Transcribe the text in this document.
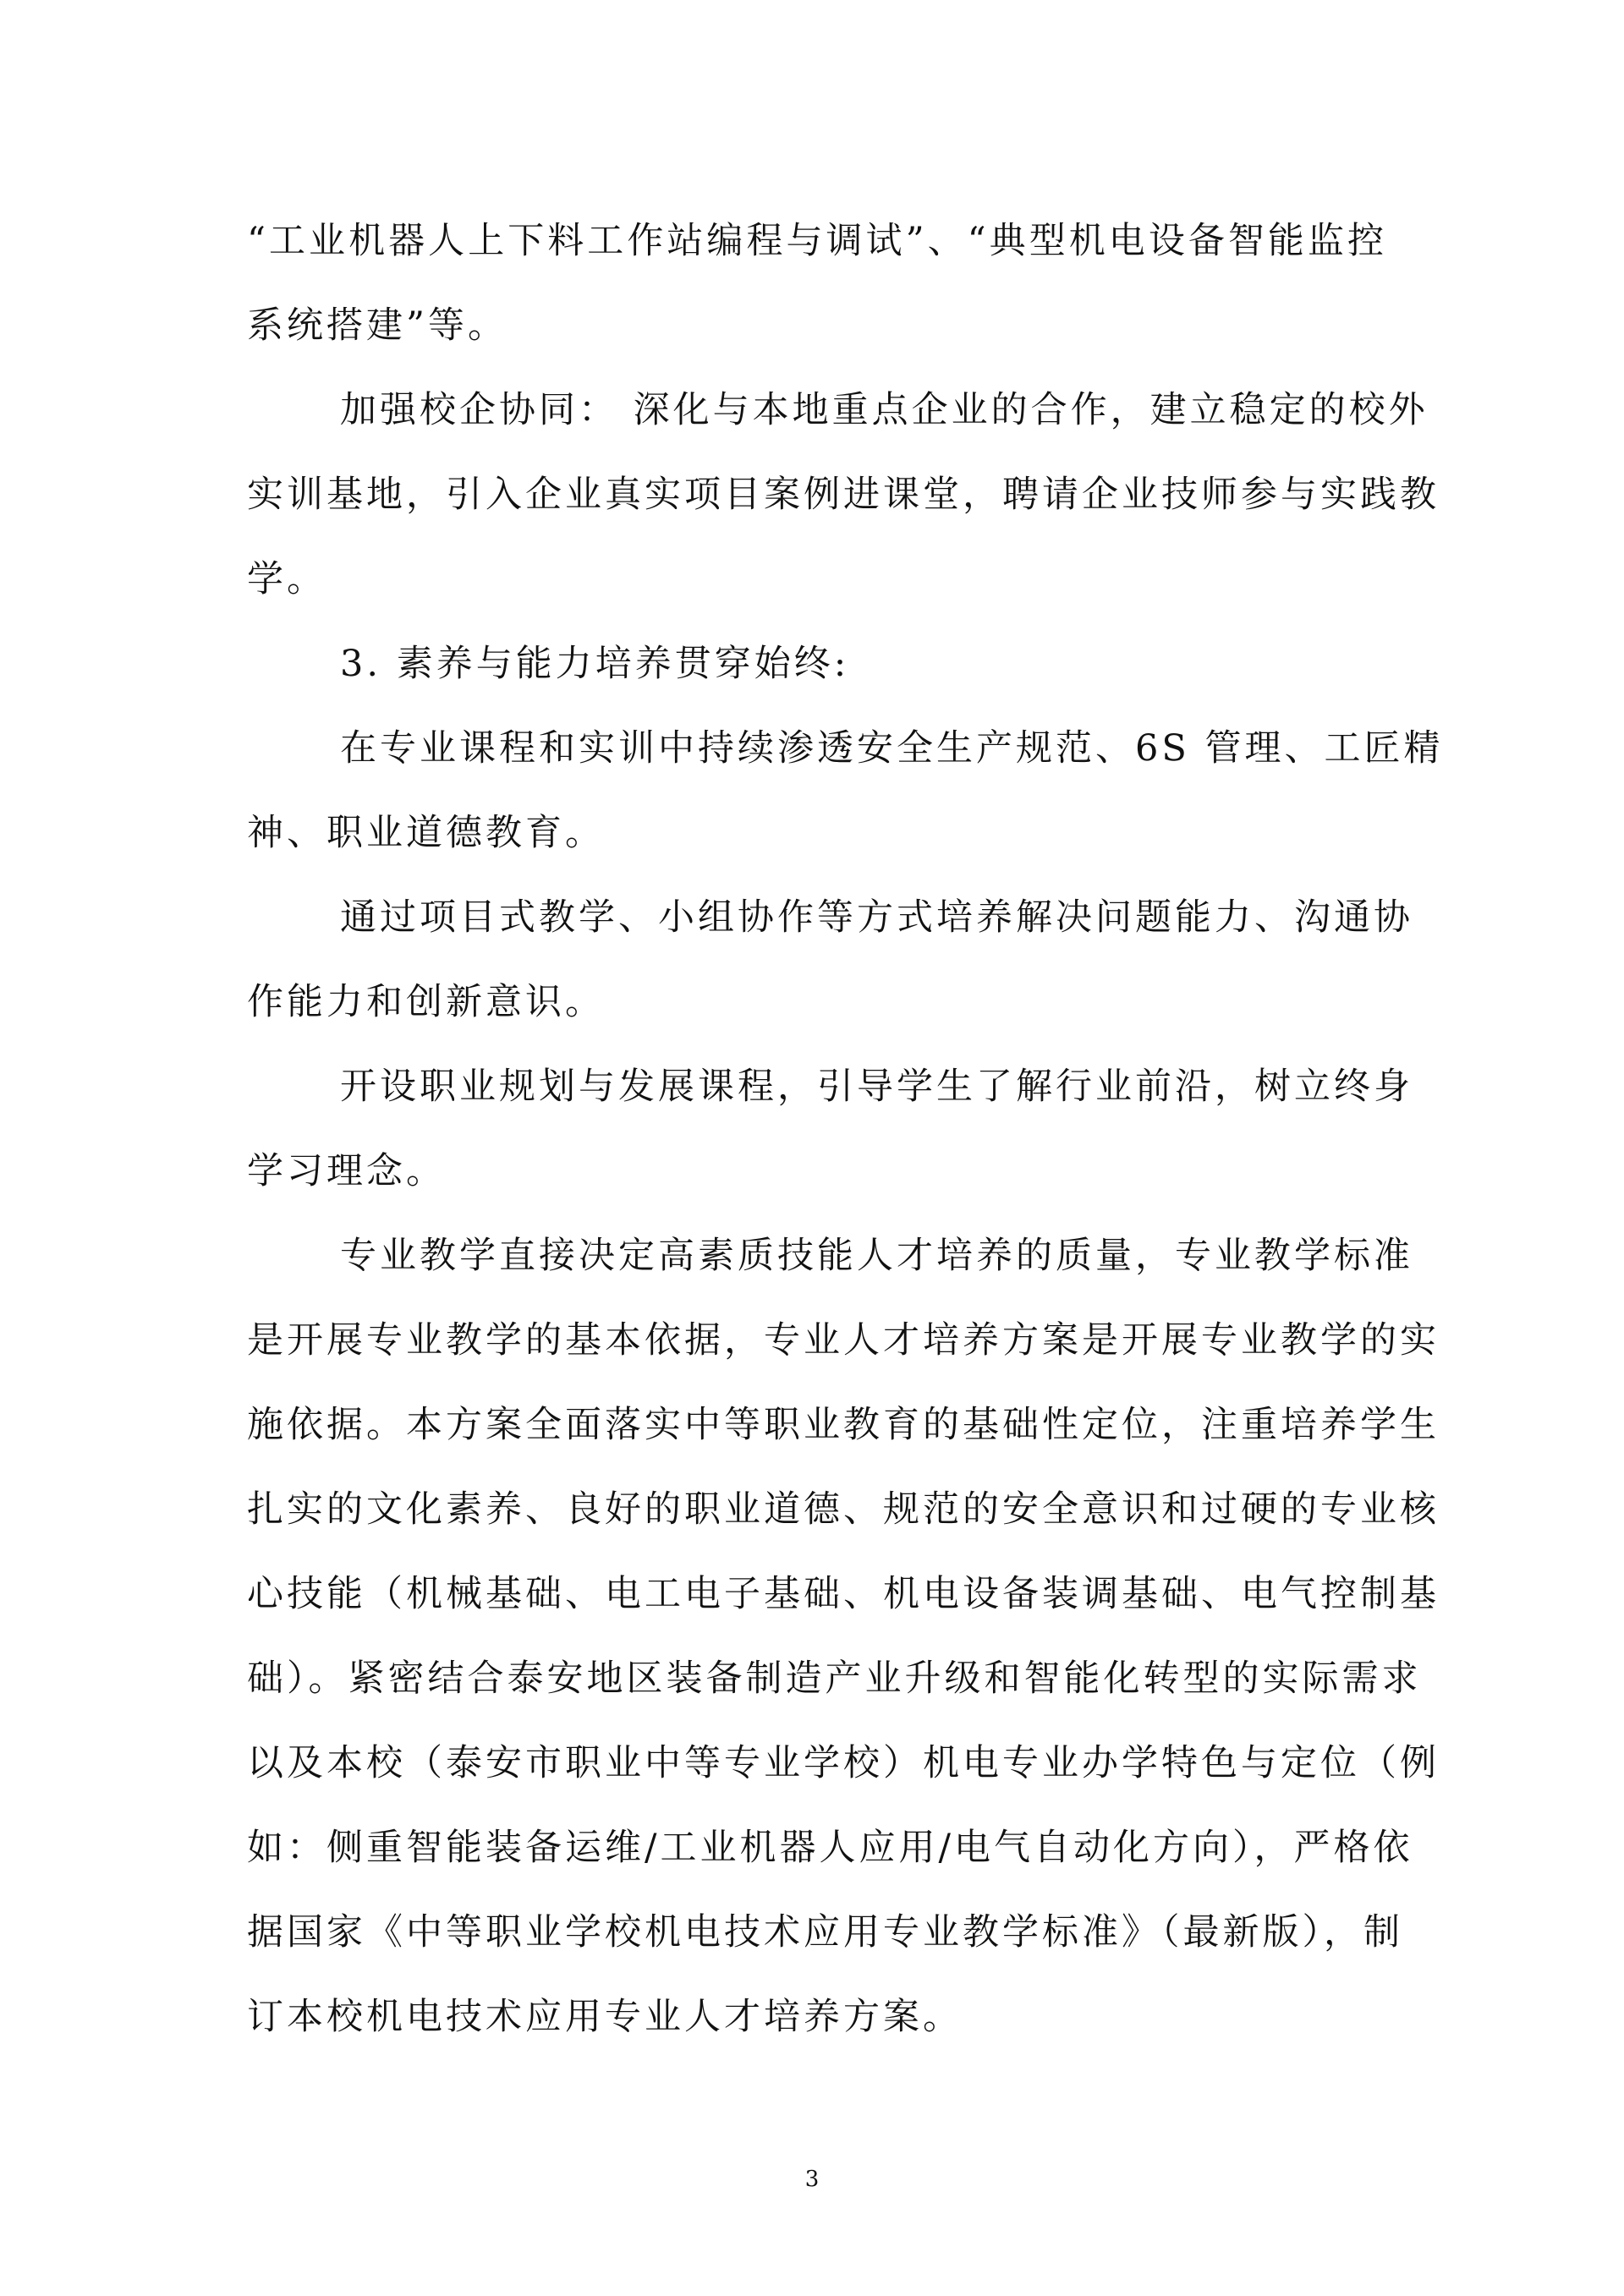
“工业机器人上下料工作站编程与调试”、“典型机电设备智能监控
系统搭建”等。
加强校企协同： 深化与本地重点企业的合作，建立稳定的校外
实训基地，引入企业真实项目案例进课堂，聘请企业技师参与实践教
学。
3. 素养与能力培养贯穿始终:
在专业课程和实训中持续渗透安全生产规范、6S 管理、工匠精
神、职业道德教育。
通过项目式教学、小组协作等方式培养解决问题能力、沟通协
作能力和创新意识。
开设职业规划与发展课程，引导学生了解行业前沿，树立终身
学习理念。
专业教学直接决定高素质技能人才培养的质量，专业教学标准
是开展专业教学的基本依据，专业人才培养方案是开展专业教学的实
施依据。本方案全面落实中等职业教育的基础性定位，注重培养学生
扎实的文化素养、良好的职业道德、规范的安全意识和过硬的专业核
心技能（机械基础、电工电子基础、机电设备装调基础、电气控制基
础）。紧密结合泰安地区装备制造产业升级和智能化转型的实际需求
以及本校（泰安市职业中等专业学校）机电专业办学特色与定位（例
如：侧重智能装备运维/工业机器人应用/电气自动化方向），严格依
据国家《中等职业学校机电技术应用专业教学标准》（最新版），制
订本校机电技术应用专业人才培养方案。
3
